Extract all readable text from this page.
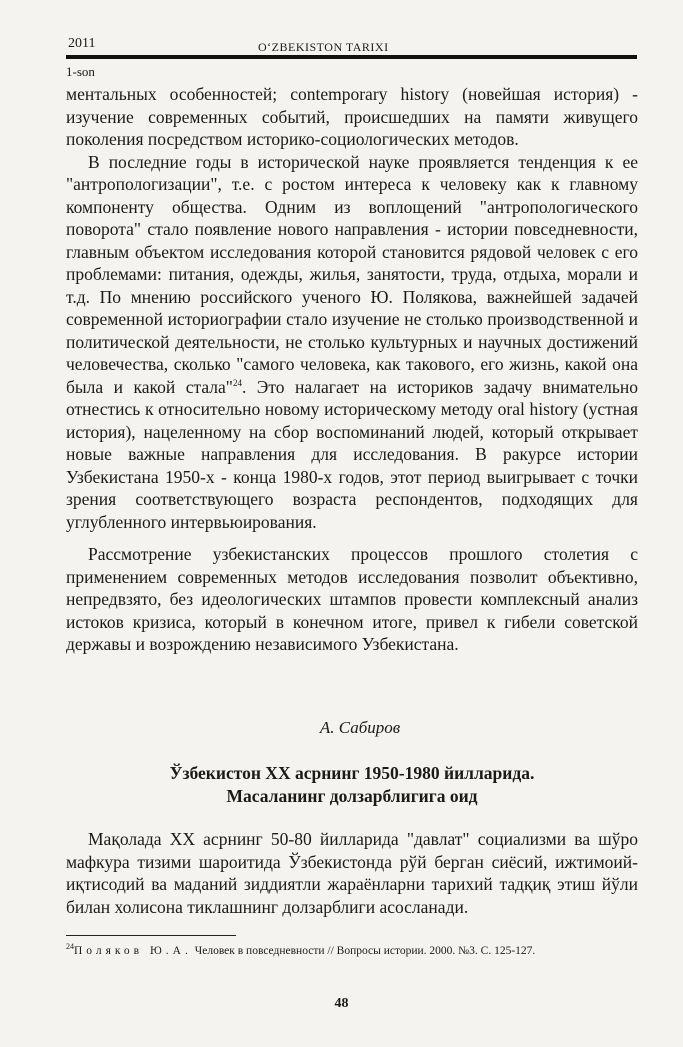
2011	O‘ZBEKISTON TARIXI
1-son

ментальных особенностей; contemporary history (новейшая история) - изучение современных событий, происшедших на памяти живущего поколения посредством историко-социологических методов.

В последние годы в исторической науке проявляется тенденция к ее "антропологизации", т.е. с ростом интереса к человеку как к главному компоненту общества. Одним из воплощений "антропологического поворота" стало появление нового направления - истории повседневности, главным объектом исследования которой становится рядовой человек с его проблемами: питания, одежды, жилья, занятости, труда, отдыха, морали и т.д. По мнению российского ученого Ю. Полякова, важнейшей задачей современной историографии стало изучение не столько производственной и политической деятельности, не столько культурных и научных достижений человечества, сколько "самого человека, как такового, его жизнь, какой она была и какой стала"$^{24}$. Это налагает на историков задачу внимательно отнестись к относительно новому историческому методу oral history (устная история), нацеленному на сбор воспоминаний людей, который открывает новые важные направления для исследования. В ракурсе истории Узбекистана 1950-х - конца 1980-х годов, этот период выигрывает с точки зрения соответствующего возраста респондентов, подходящих для углубленного интервьюирования.

Рассмотрение узбекистанских процессов прошлого столетия с применением современных методов исследования позволит объективно, непредвзято, без идеологических штампов провести комплексный анализ истоков кризиса, который в конечном итоге, привел к гибели советской державы и возрождению независимого Узбекистана.

А. Сабиров
Ўзбекистон XX асрнинг 1950-1980 йилларида.
Масаланинг долзарблигига оид

Мақолада XX асрнинг 50-80 йилларида "давлат" социализми ва шўро мафкура тизими шароитида Ўзбекистонда рўй берган сиёсий, ижтимоий-иқтисодий ва маданий зиддиятли жараёнларни тарихий тадқиқ этиш йўли билан холисона тиклашнинг долзарблиги асосланади.

$^{24}$Поляков Ю.А. Человек в повседневности // Вопросы истории. 2000. №3. С. 125-127.
48
